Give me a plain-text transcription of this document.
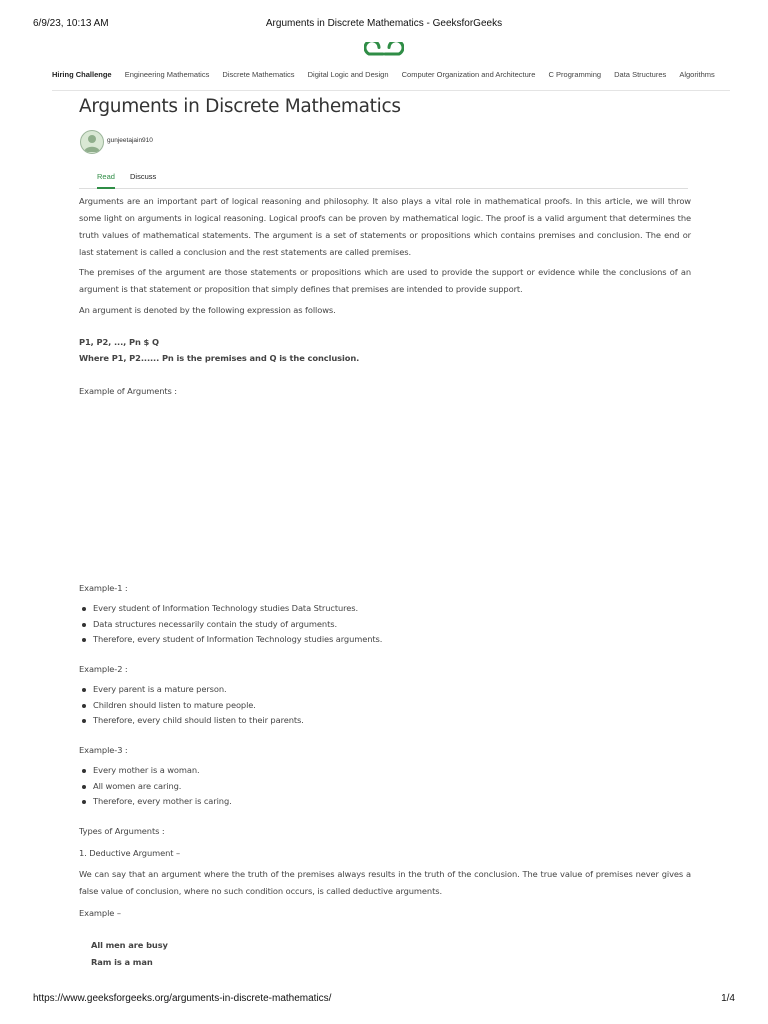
6/9/23, 10:13 AM	Arguments in Discrete Mathematics - GeeksforGeeks
Hiring Challenge Engineering Mathematics Discrete Mathematics Digital Logic and Design Computer Organization and Architecture C Programming Data Structures Algorithms
Arguments in Discrete Mathematics
gunjeetajain910
Read Discuss

Arguments are an important part of logical reasoning and philosophy. It also plays a vital role in mathematical proofs. In this article, we will throw some light on arguments in logical reasoning. Logical proofs can be proven by mathematical logic. The proof is a valid argument that determines the truth values of mathematical statements. The argument is a set of statements or propositions which contains premises and conclusion. The end or last statement is called a conclusion and the rest statements are called premises.

The premises of the argument are those statements or propositions which are used to provide the support or evidence while the conclusions of an argument is that statement or proposition that simply defines that premises are intended to provide support.

An argument is denoted by the following expression as follows.

P1, P2, ..., Pn $ Q

Where P1, P2...... Pn is the premises and Q is the conclusion.

Example of Arguments :

Example-1 :

Every student of Information Technology studies Data Structures.
Data structures necessarily contain the study of arguments.
Therefore, every student of Information Technology studies arguments.

Example-2 :

Every parent is a mature person.
Children should listen to mature people.
Therefore, every child should listen to their parents.

Example-3 :

Every mother is a woman.
All women are caring.
Therefore, every mother is caring.

Types of Arguments :

1. Deductive Argument –

We can say that an argument where the truth of the premises always results in the truth of the conclusion. The true value of premises never gives a false value of conclusion, where no such condition occurs, is called deductive arguments.

Example –

All men are busy

Ram is a man

https://www.geeksforgeeks.org/arguments-in-discrete-mathematics/	1/4
